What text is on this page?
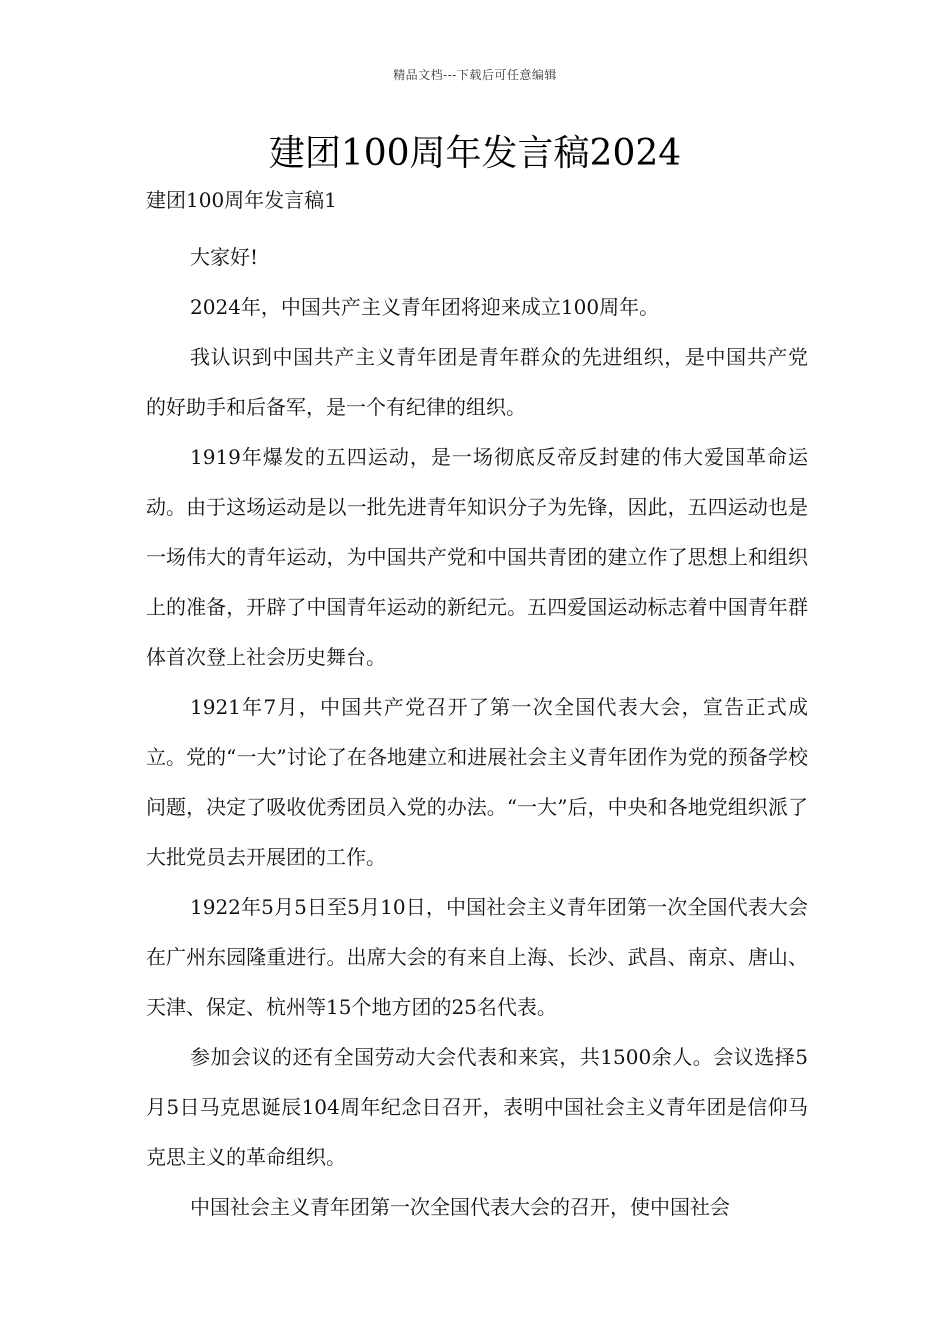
精品文档---下载后可任意编辑
建团100周年发言稿2024
建团100周年发言稿1

大家好!

2024年，中国共产主义青年团将迎来成立100周年。

我认识到中国共产主义青年团是青年群众的先进组织，是中国共产党的好助手和后备军，是一个有纪律的组织。

1919年爆发的五四运动，是一场彻底反帝反封建的伟大爱国革命运动。由于这场运动是以一批先进青年知识分子为先锋，因此，五四运动也是一场伟大的青年运动，为中国共产党和中国共青团的建立作了思想上和组织上的准备，开辟了中国青年运动的新纪元。五四爱国运动标志着中国青年群体首次登上社会历史舞台。

1921年7月，中国共产党召开了第一次全国代表大会，宣告正式成立。党的“一大”讨论了在各地建立和进展社会主义青年团作为党的预备学校问题，决定了吸收优秀团员入党的办法。“一大”后，中央和各地党组织派了大批党员去开展团的工作。

1922年5月5日至5月10日，中国社会主义青年团第一次全国代表大会在广州东园隆重进行。出席大会的有来自上海、长沙、武昌、南京、唐山、天津、保定、杭州等15个地方团的25名代表。

参加会议的还有全国劳动大会代表和来宾，共1500余人。会议选择5月5日马克思诞辰104周年纪念日召开，表明中国社会主义青年团是信仰马克思主义的革命组织。

中国社会主义青年团第一次全国代表大会的召开，使中国社会
